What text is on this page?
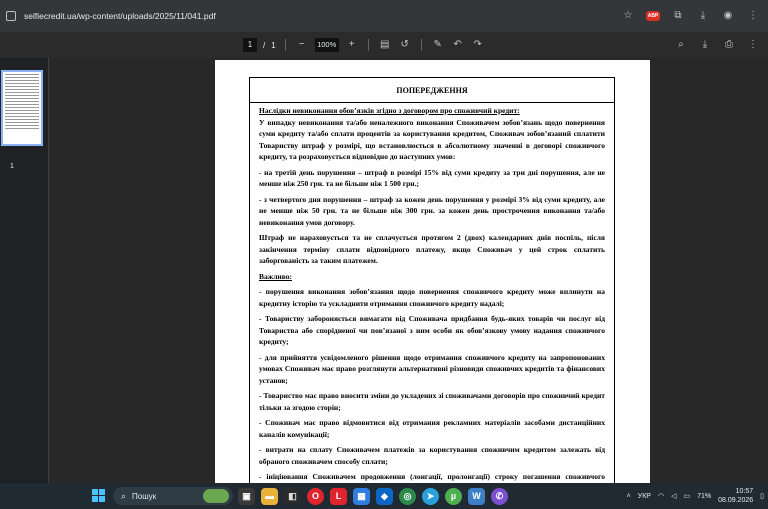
selfiecredit.ua/wp-content/uploads/2025/11/041.pdf	☆	ABP	⧉	⤓	◉ ⋮
1	/ 1	−	100%	+	▤ ↺ ✎ ↶ ↷	⌕	⤓	⎙	⋮
1
ПОПЕРЕДЖЕННЯ

Наслідки невиконання обов’язків згідно з договором про споживчий кредит:
У випадку невиконання та/або неналежного виконання Споживачем зобов’язань щодо повернення суми кредиту та/або сплати процентів за користування кредитом, Споживач зобов’язаний сплатити Товариству штраф у розмірі, що встановлюється в абсолютному значенні в договорі споживчого кредиту, та розраховується відповідно до наступних умов:

- на третій день порушення – штраф в розмірі 15% від суми кредиту за три дні порушення, але не менше ніж 250 грн. та не більше ніж 1 500 грн.;

- з четвертого дня порушення – штраф за кожен день порушення у розмірі 3% від суми кредиту, але не менше ніж 50 грн. та не більше ніж 300 грн. за кожен день прострочення виконання та/або невиконання умов договору.

Штраф не нараховується та не сплачується протягом 2 (двох) календарних днів поспіль, після закінчення терміну сплати відповідного платежу, якщо Споживач у цей строк сплатить заборгованість за таким платежем.

Важливо:

- порушення виконання зобов’язання щодо повернення споживчого кредиту може вплинути на кредитну історію та ускладнити отримання споживчого кредиту надалі;

- Товариству забороняється вимагати від Споживача придбання будь-яких товарів чи послуг від Товариства або спорідненої чи пов’язаної з ним особи як обов’язкову умову надання споживчого кредиту;

- для прийняття усвідомленого рішення щодо отримання споживчого кредиту на запропонованих умовах Споживач має право розглянути альтернативні різновиди споживчих кредитів та фінансових установ;

- Товариство має право вносити зміни до укладених зі споживачами договорів про споживчий кредит тільки за згодою сторін;

- Споживач має право відмовитися від отримання рекламних матеріалів засобами дистанційних каналів комунікації;

- витрати на сплату Споживачем платежів за користування споживчим кредитом залежать від обраного споживачем способу сплати;

- ініціювання Споживачем продовження (лонгації, пролонгації) строку погашення споживчого

⌕ Пошук	▣	▬	◧	O	L	▦	◆	◎	➤	µ	W	✆	˄ УКР ◠ ◁ ▭ 71%
10:57
08.09.2026
▯
